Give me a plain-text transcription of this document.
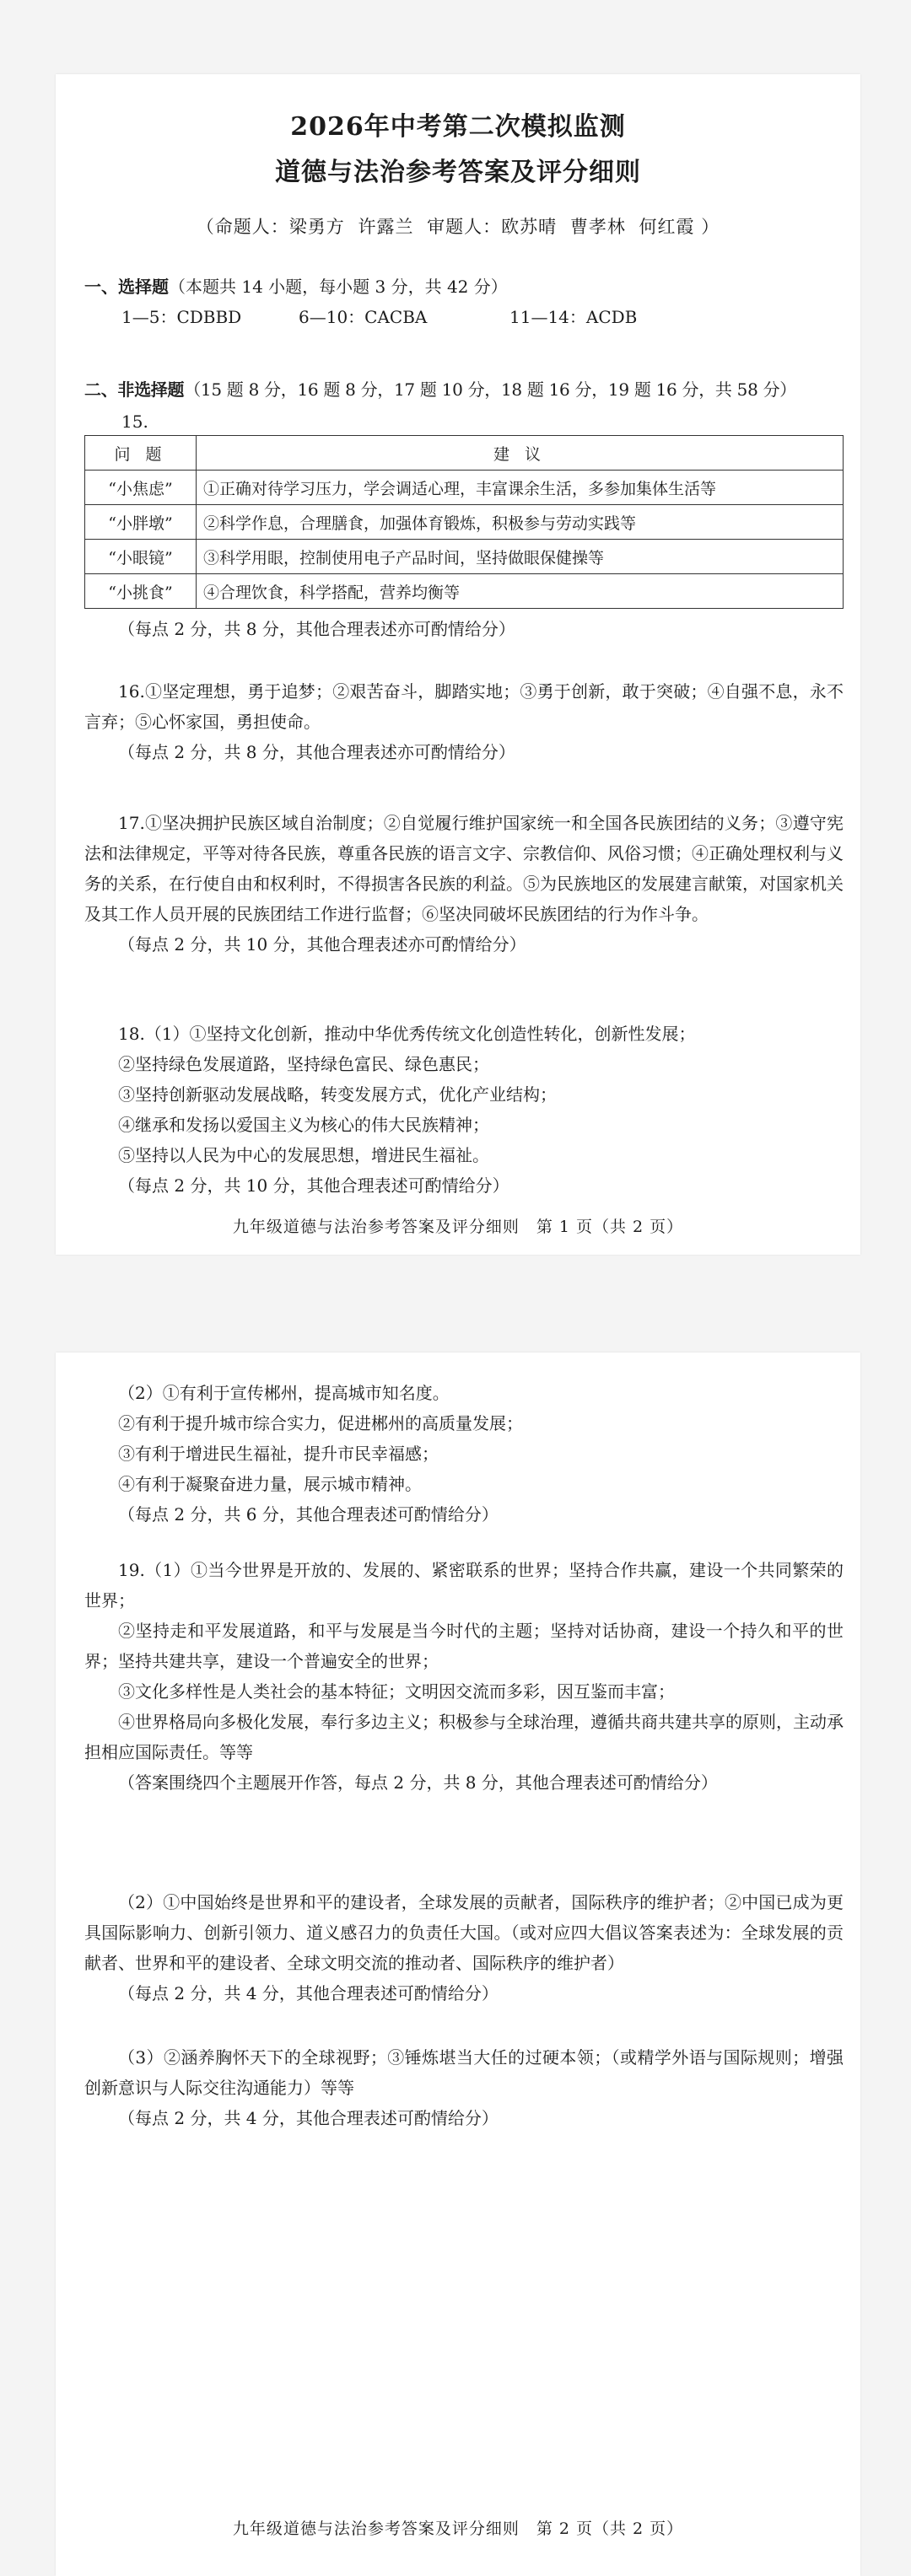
2026年中考第二次模拟监测
道德与法治参考答案及评分细则
（命题人：梁勇方 许露兰 审题人：欧苏晴 曹孝林 何红霞 ）
一、选择题（本题共 14 小题，每小题 3 分，共 42 分）
1—5：CDBBD	6—10：CACBA	11—14：ACDB
二、非选择题（15 题 8 分，16 题 8 分，17 题 10 分，18 题 16 分，19 题 16 分，共 58 分）
15.
问 题	建 议
“小焦虑”	①正确对待学习压力，学会调适心理，丰富课余生活，多参加集体生活等
“小胖墩”	②科学作息，合理膳食，加强体育锻炼，积极参与劳动实践等
“小眼镜”	③科学用眼，控制使用电子产品时间，坚持做眼保健操等
“小挑食”	④合理饮食，科学搭配，营养均衡等

（每点 2 分，共 8 分，其他合理表述亦可酌情给分）

16.①坚定理想，勇于追梦；②艰苦奋斗，脚踏实地；③勇于创新，敢于突破；④自强不息，永不言弃；⑤心怀家国，勇担使命。

（每点 2 分，共 8 分，其他合理表述亦可酌情给分）

17.①坚决拥护民族区域自治制度；②自觉履行维护国家统一和全国各民族团结的义务；③遵守宪法和法律规定，平等对待各民族，尊重各民族的语言文字、宗教信仰、风俗习惯；④正确处理权利与义务的关系，在行使自由和权利时，不得损害各民族的利益。⑤为民族地区的发展建言献策，对国家机关及其工作人员开展的民族团结工作进行监督；⑥坚决同破坏民族团结的行为作斗争。

（每点 2 分，共 10 分，其他合理表述亦可酌情给分）

18.（1）①坚持文化创新，推动中华优秀传统文化创造性转化，创新性发展；

②坚持绿色发展道路，坚持绿色富民、绿色惠民；

③坚持创新驱动发展战略，转变发展方式，优化产业结构；

④继承和发扬以爱国主义为核心的伟大民族精神；

⑤坚持以人民为中心的发展思想，增进民生福祉。

（每点 2 分，共 10 分，其他合理表述可酌情给分）

九年级道德与法治参考答案及评分细则　第 1 页（共 2 页）

（2）①有利于宣传郴州，提高城市知名度。

②有利于提升城市综合实力，促进郴州的高质量发展；

③有利于增进民生福祉，提升市民幸福感；

④有利于凝聚奋进力量，展示城市精神。

（每点 2 分，共 6 分，其他合理表述可酌情给分）

19.（1）①当今世界是开放的、发展的、紧密联系的世界；坚持合作共赢，建设一个共同繁荣的世界；

②坚持走和平发展道路，和平与发展是当今时代的主题；坚持对话协商，建设一个持久和平的世界；坚持共建共享，建设一个普遍安全的世界；

③文化多样性是人类社会的基本特征；文明因交流而多彩，因互鉴而丰富；

④世界格局向多极化发展，奉行多边主义；积极参与全球治理，遵循共商共建共享的原则，主动承担相应国际责任。等等

（答案围绕四个主题展开作答，每点 2 分，共 8 分，其他合理表述可酌情给分）

（2）①中国始终是世界和平的建设者，全球发展的贡献者，国际秩序的维护者；②中国已成为更具国际影响力、创新引领力、道义感召力的负责任大国。（或对应四大倡议答案表述为：全球发展的贡献者、世界和平的建设者、全球文明交流的推动者、国际秩序的维护者）

（每点 2 分，共 4 分，其他合理表述可酌情给分）

（3）②涵养胸怀天下的全球视野；③锤炼堪当大任的过硬本领；（或精学外语与国际规则；增强创新意识与人际交往沟通能力）等等

（每点 2 分，共 4 分，其他合理表述可酌情给分）

九年级道德与法治参考答案及评分细则　第 2 页（共 2 页）
